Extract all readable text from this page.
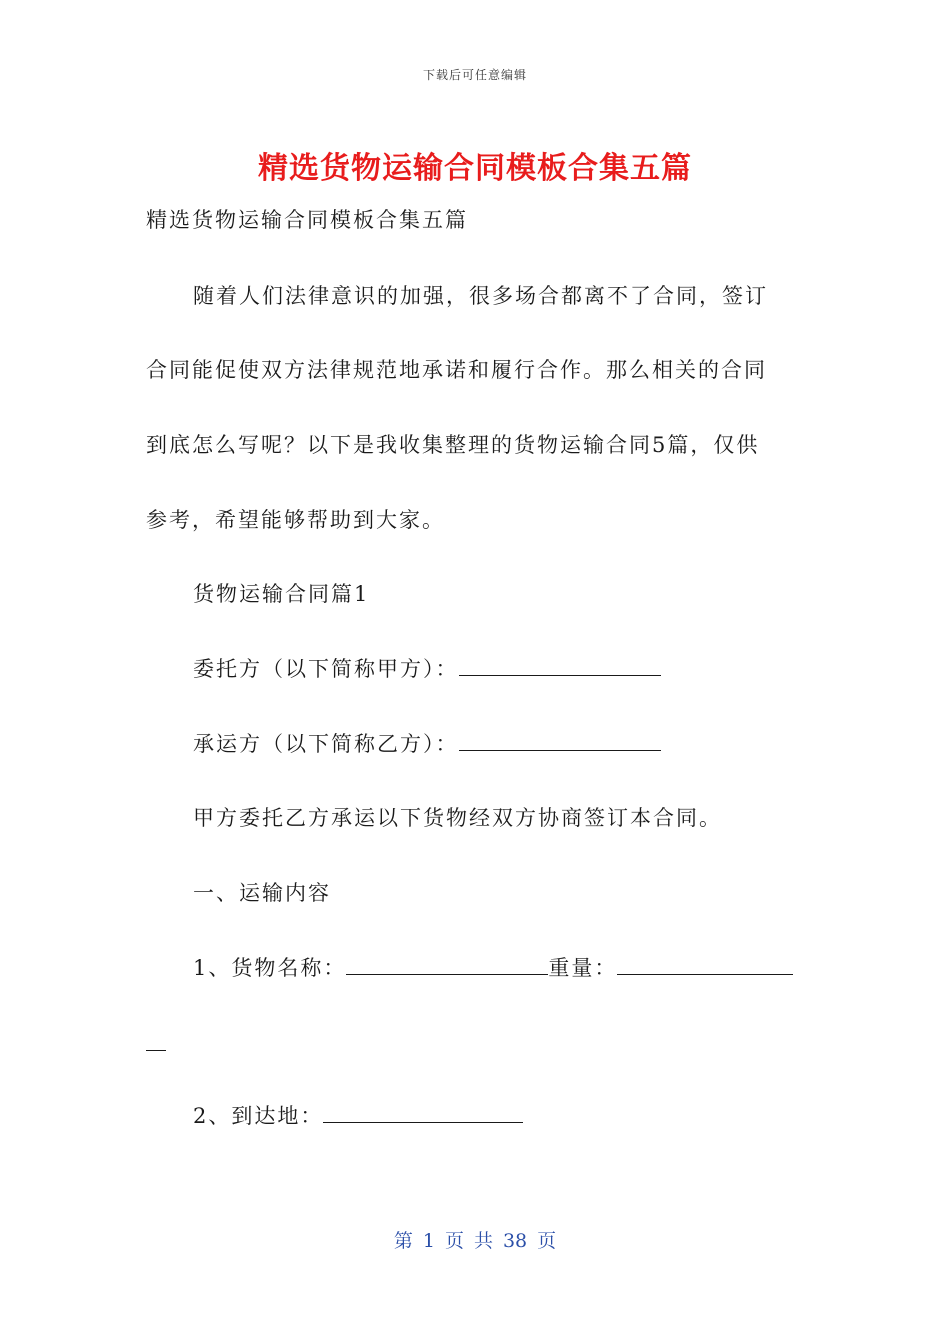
下载后可任意编辑
精选货物运输合同模板合集五篇
精选货物运输合同模板合集五篇
随着人们法律意识的加强，很多场合都离不了合同，签订
合同能促使双方法律规范地承诺和履行合作。那么相关的合同
到底怎么写呢？以下是我收集整理的货物运输合同5篇，仅供
参考，希望能够帮助到大家。
货物运输合同篇1
委托方（以下简称甲方）：
承运方（以下简称乙方）：
甲方委托乙方承运以下货物经双方协商签订本合同。
一、运输内容
1、货物名称：	重量：
2、到达地：
第 1 页 共 38 页
